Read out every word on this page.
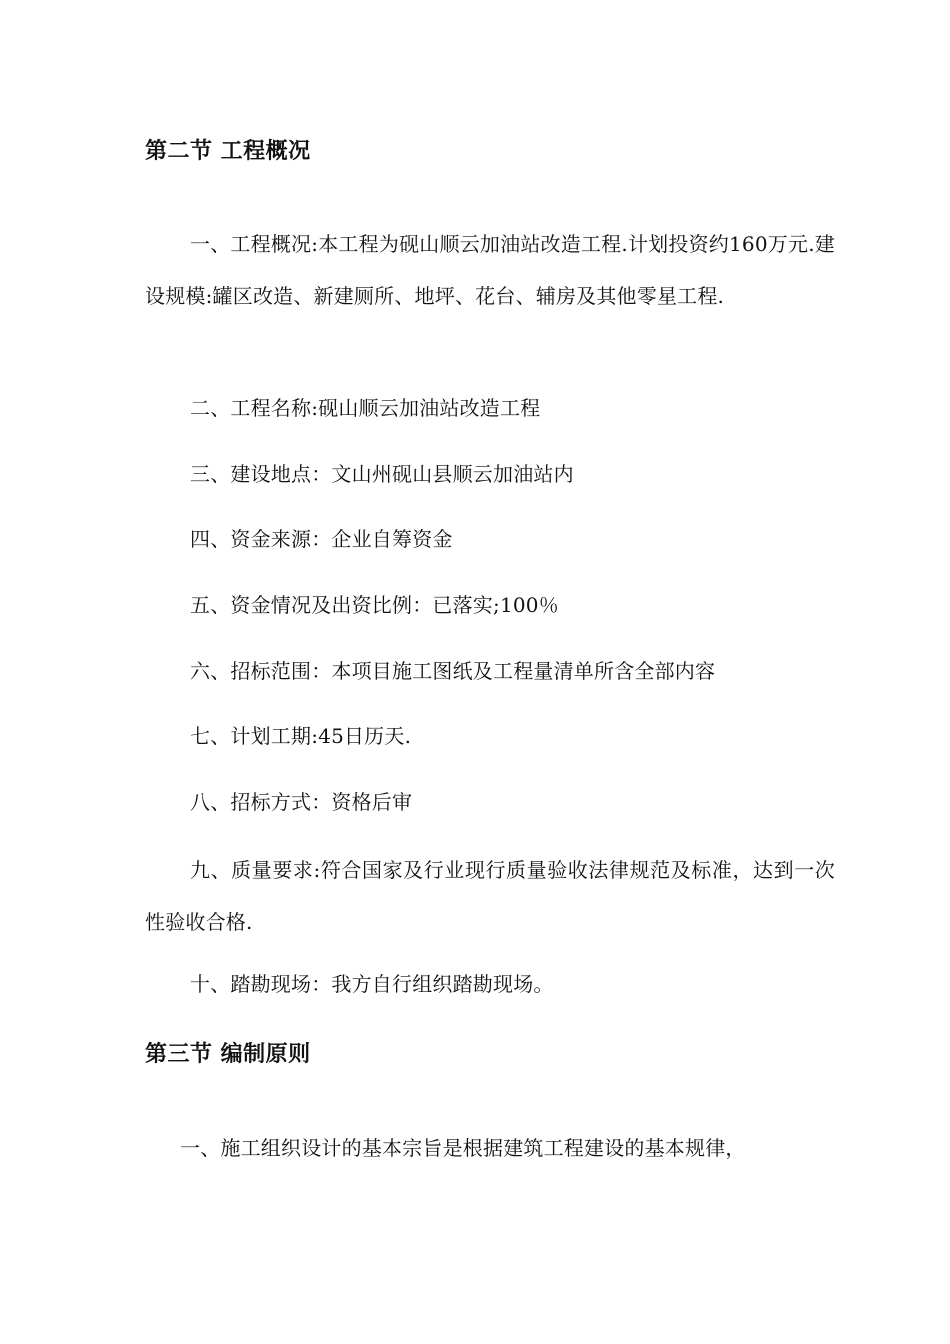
第二节 工程概况
一、工程概况:本工程为砚山顺云加油站改造工程.计划投资约160万元.建设规模:罐区改造、新建厕所、地坪、花台、辅房及其他零星工程.
二、工程名称:砚山顺云加油站改造工程
三、建设地点：文山州砚山县顺云加油站内
四、资金来源：企业自筹资金
五、资金情况及出资比例：已落实;100％
六、招标范围：本项目施工图纸及工程量清单所含全部内容
七、计划工期:45日历天.
八、招标方式：资格后审
九、质量要求:符合国家及行业现行质量验收法律规范及标准，达到一次性验收合格.
十、踏勘现场：我方自行组织踏勘现场。
第三节 编制原则
一、施工组织设计的基本宗旨是根据建筑工程建设的基本规律，
